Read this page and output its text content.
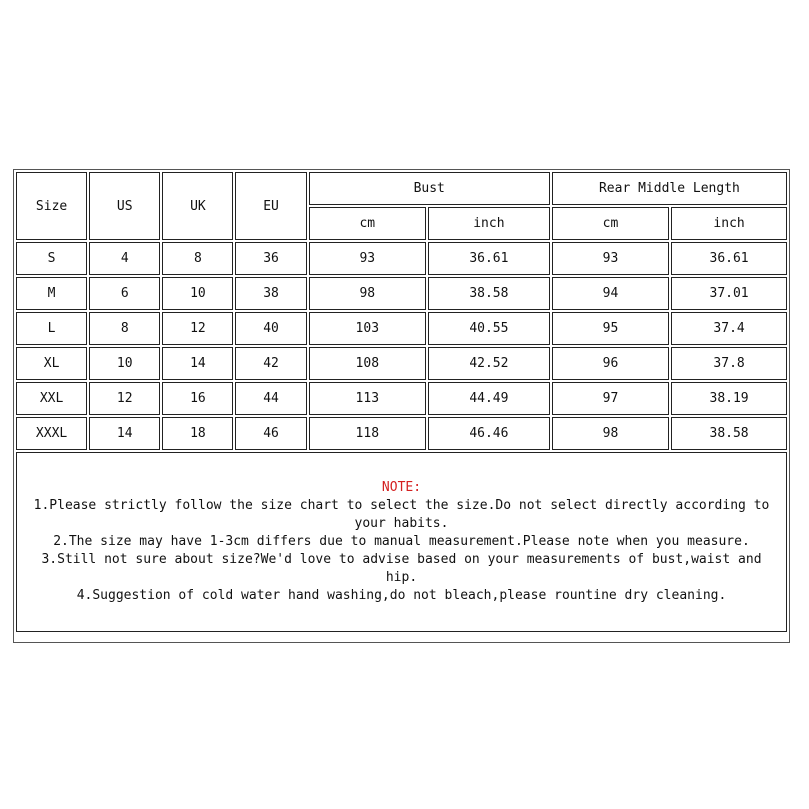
Size	US	UK	EU	Bust		Rear Middle Length	
				cm	inch	cm	inch
S	4	8	36	93	36.61	93	36.61
M	6	10	38	98	38.58	94	37.01
L	8	12	40	103	40.55	95	37.4
XL	10	14	42	108	42.52	96	37.8
XXL	12	16	44	113	44.49	97	38.19
XXXL	14	18	46	118	46.46	98	38.58

NOTE:
1.Please strictly follow the size chart to select the size.Do not select directly according to your habits.
2.The size may have 1-3cm differs due to manual measurement.Please note when you measure.
3.Still not sure about size?We'd love to advise based on your measurements of bust,waist and hip.
4.Suggestion of cold water hand washing,do not bleach,please rountine dry cleaning.							
